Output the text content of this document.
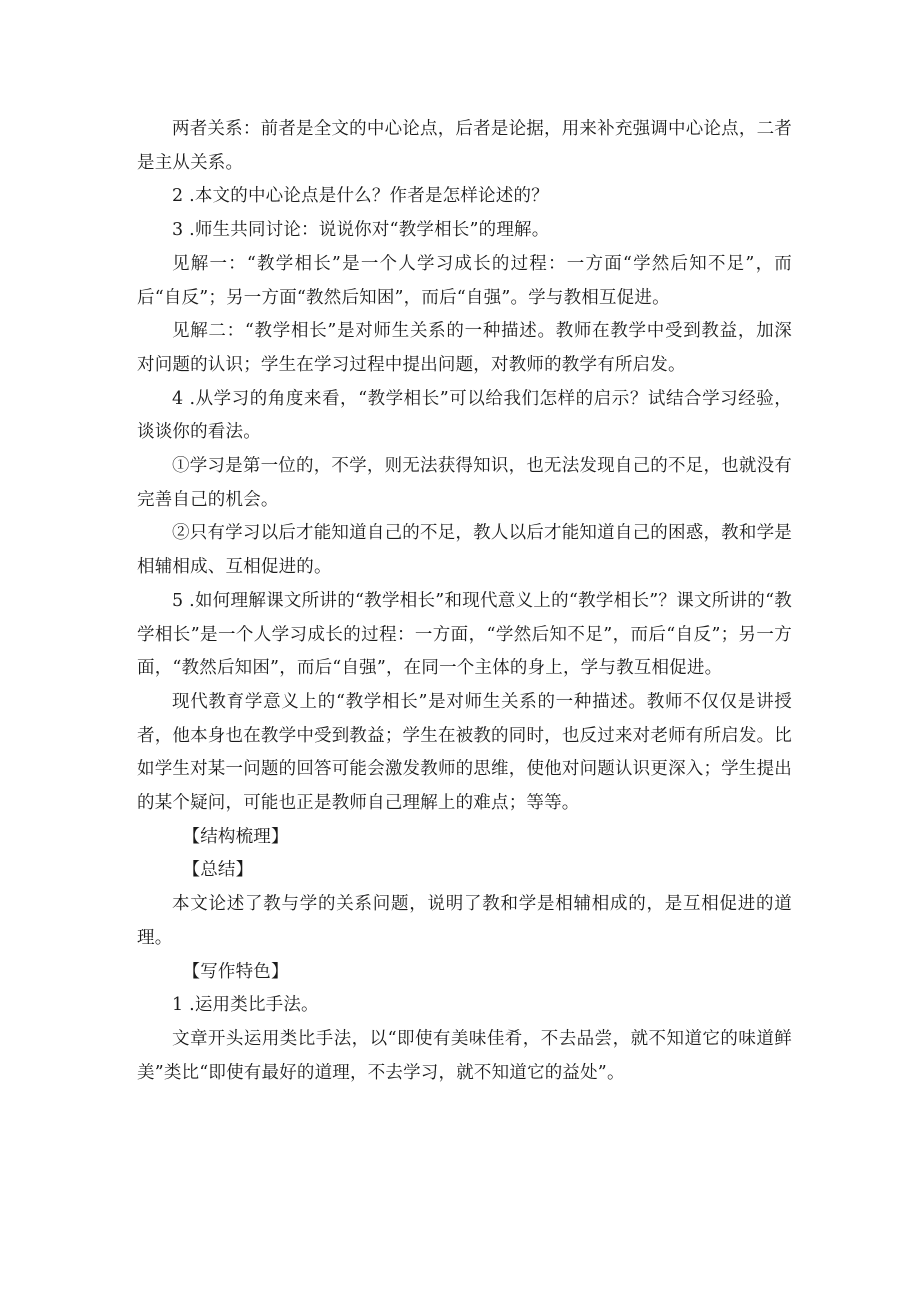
两者关系：前者是全文的中心论点，后者是论据，用来补充强调中心论点，二者是主从关系。

2 .本文的中心论点是什么？作者是怎样论述的？

3 .师生共同讨论：说说你对“教学相长”的理解。

见解一：“教学相长”是一个人学习成长的过程：一方面“学然后知不足”，而后“自反”；另一方面“教然后知困”，而后“自强”。学与教相互促进。

见解二：“教学相长”是对师生关系的一种描述。教师在教学中受到教益，加深对问题的认识；学生在学习过程中提出问题，对教师的教学有所启发。

4 .从学习的角度来看，“教学相长”可以给我们怎样的启示？试结合学习经验，谈谈你的看法。

①学习是第一位的，不学，则无法获得知识，也无法发现自己的不足，也就没有完善自己的机会。

②只有学习以后才能知道自己的不足，教人以后才能知道自己的困惑，教和学是相辅相成、互相促进的。

5 .如何理解课文所讲的“教学相长”和现代意义上的“教学相长”？课文所讲的“教学相长”是一个人学习成长的过程：一方面，“学然后知不足”，而后“自反”；另一方面，“教然后知困”，而后“自强”，在同一个主体的身上，学与教互相促进。

现代教育学意义上的“教学相长”是对师生关系的一种描述。教师不仅仅是讲授者，他本身也在教学中受到教益；学生在被教的同时，也反过来对老师有所启发。比如学生对某一问题的回答可能会激发教师的思维，使他对问题认识更深入；学生提出的某个疑问，可能也正是教师自己理解上的难点；等等。

【结构梳理】

【总结】

本文论述了教与学的关系问题，说明了教和学是相辅相成的，是互相促进的道理。

【写作特色】

1 .运用类比手法。

文章开头运用类比手法，以“即使有美味佳肴，不去品尝，就不知道它的味道鲜美”类比“即使有最好的道理，不去学习，就不知道它的益处”。
